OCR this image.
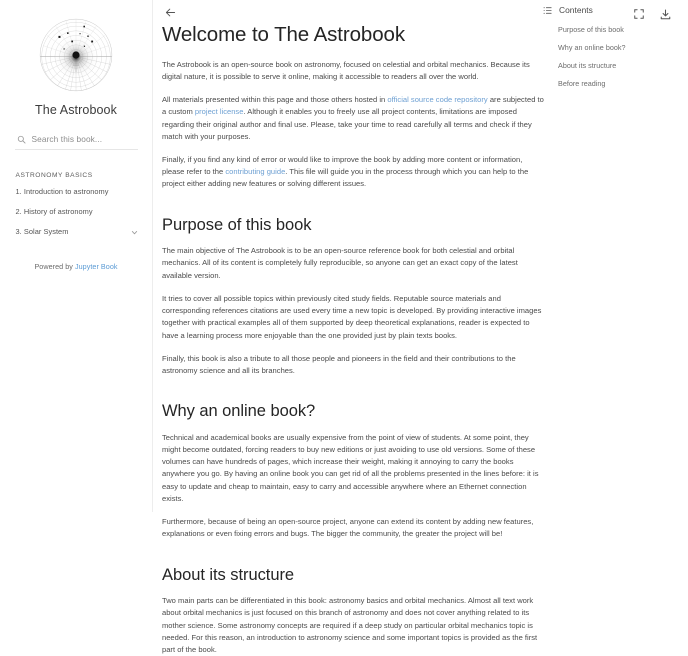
The Astrobook
Search this book...
ASTRONOMY BASICS
1. Introduction to astronomy
2. History of astronomy
3. Solar System
Powered by Jupyter Book
Welcome to The Astrobook

The Astrobook is an open-source book on astronomy, focused on celestial and orbital mechanics. Because its digital nature, it is possible to serve it online, making it accessible to readers all over the world.

All materials presented within this page and those others hosted in official source code repository are subjected to a custom project license. Although it enables you to freely use all project contents, limitations are imposed regarding their original author and final use. Please, take your time to read carefully all terms and check if they match with your purposes.

Finally, if you find any kind of error or would like to improve the book by adding more content or information, please refer to the contributing guide. This file will guide you in the process through which you can help to the project either adding new features or solving different issues.

Purpose of this book

The main objective of The Astrobook is to be an open-source reference book for both celestial and orbital mechanics. All of its content is completely fully reproducible, so anyone can get an exact copy of the latest available version.

It tries to cover all possible topics within previously cited study fields. Reputable source materials and corresponding references citations are used every time a new topic is developed. By providing interactive images together with practical examples all of them supported by deep theoretical explanations, reader is expected to have a learning process more enjoyable than the one provided just by plain texts books.

Finally, this book is also a tribute to all those people and pioneers in the field and their contributions to the astronomy science and all its branches.

Why an online book?

Technical and academical books are usually expensive from the point of view of students. At some point, they might become outdated, forcing readers to buy new editions or just avoiding to use old versions. Some of these volumes can have hundreds of pages, which increase their weight, making it annoying to carry the books anywhere you go. By having an online book you can get rid of all the problems presented in the lines before: it is easy to update and cheap to maintain, easy to carry and accessible anywhere where an Ethernet connection exists.

Furthermore, because of being an open-source project, anyone can extend its content by adding new features, explanations or even fixing errors and bugs. The bigger the community, the greater the project will be!

About its structure

Two main parts can be differentiated in this book: astronomy basics and orbital mechanics. Almost all text work about orbital mechanics is just focused on this branch of astronomy and does not cover anything related to its mother science. Some astronomy concepts are required if a deep study on particular orbital mechanics topic is needed. For this reason, an introduction to astronomy science and some important topics is provided as the first part of the book.

Contents
Purpose of this book
Why an online book?
About its structure
Before reading
